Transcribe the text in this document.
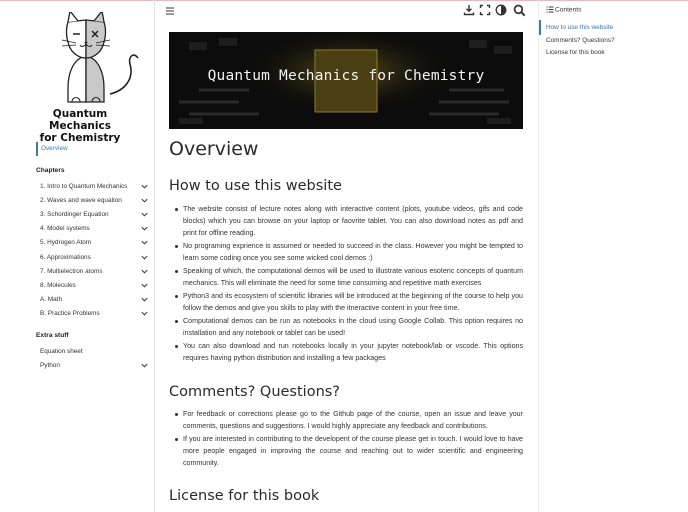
Quantum Mechanics
for Chemistry
Overview
Chapters
1. Intro to Quantum Mechanics
2. Waves and wave equation
3. Schordinger Equation
4. Model systems
5. Hydrogen Atom
6. Approximations
7. Multielectron atoms
8. Molecules
A. Math
B. Practice Problems
Extra stuff
Equation sheet
Python
Quantum Mechanics for Chemistry
Overview
How to use this website
The website consist of lecture notes along with interactive content (plots, youtube videos, gifs and code blocks) which you can browse on your laptop or faovrite tablet. You can also download notes as pdf and print for offline reading.
No programing exprience is assumed or needed to succeed in the class. However you might be tempted to learn some coding once you see some wicked cool demos :)
Speaking of which, the computational demos will be used to illustrate various esoteric concepts of quantum mechanics. This will eliminate the need for some time consuming and repetitive math exercises
Python3 and its ecosystem of scientific libraries will be introduced at the beginning of the course to help you follow the demos and give you skills to play with the itneractive content in your free time.
Computational demos can be run as notebooks in the cloud using Google Collab. This option requires no installation and any notebook or tablet can be used!
You can also download and run notebooks locally in your jupyter notebook/lab or vscode. This options requires having python distribution and installing a few packages
Comments? Questions?
For feedback or corrections please go to the Github page of the course, open an issue and leave your comments, questions and suggestions. I would highly appreciate any feedback and contributions.
If you are interested in contributing to the developent of the course please get in touch. I would love to have more people engaged in improving the course and reaching out to wider scientific and engineering community.
License for this book
Contents
How to use this website
Comments? Questions?
License for this book
